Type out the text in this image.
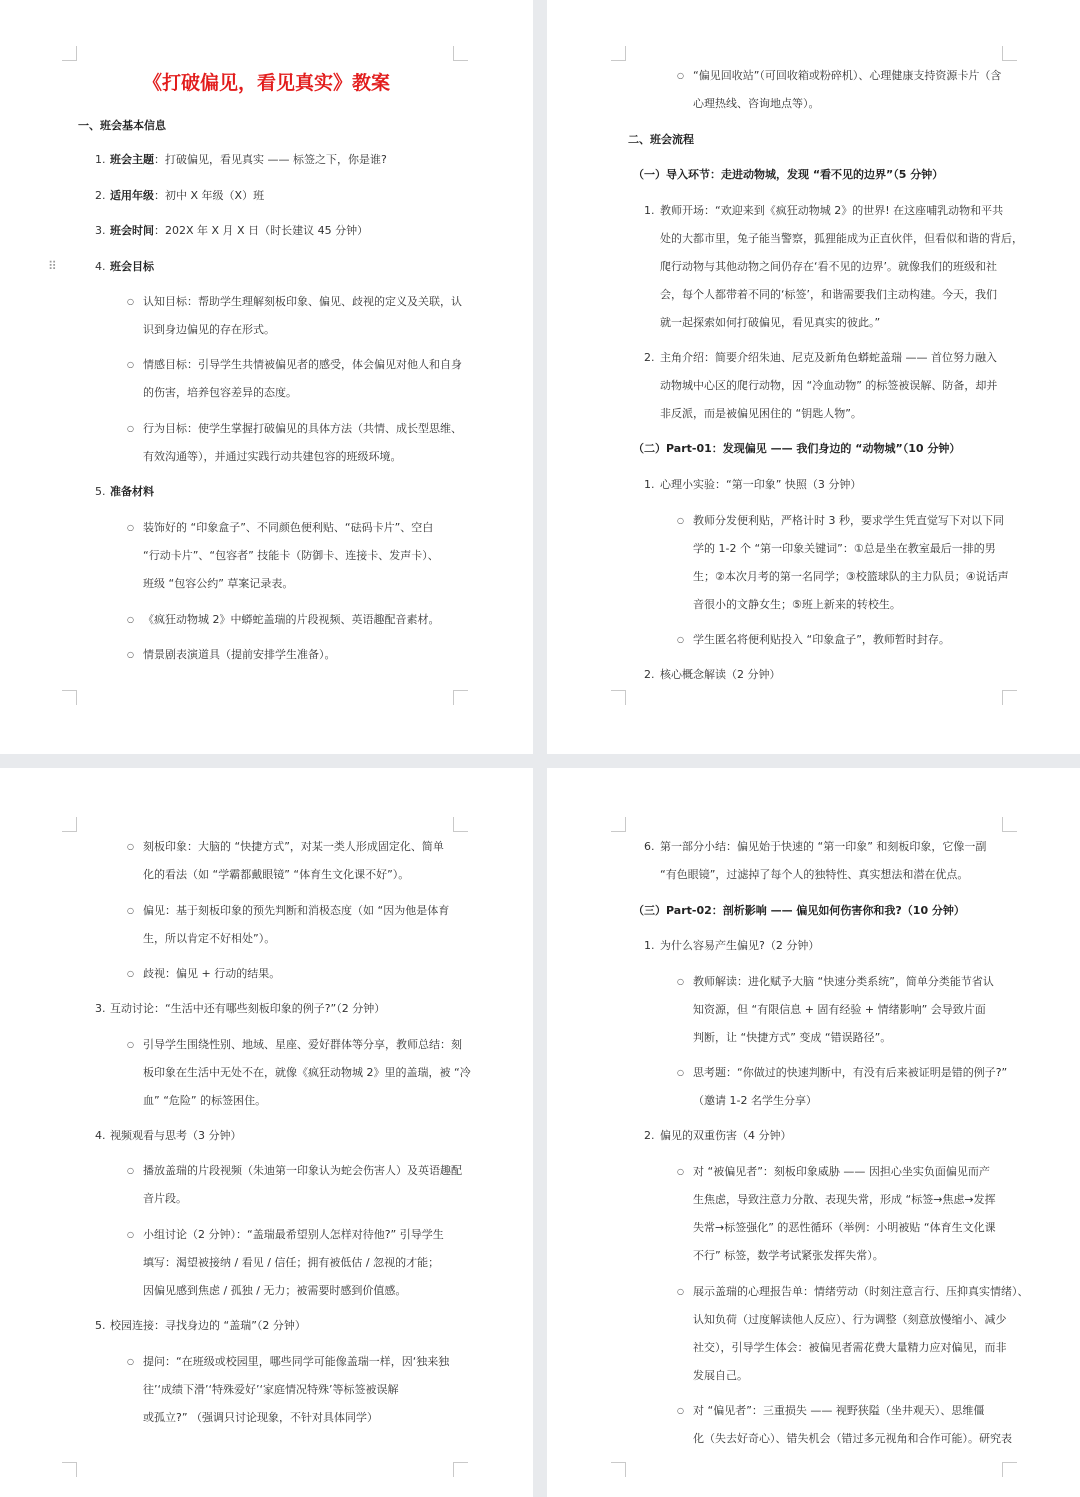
《打破偏见，看见真实》教案
一、班会基本信息
1. 班会主题：打破偏见，看见真实 —— 标签之下，你是谁?
2. 适用年级：初中 X 年级（X）班
3. 班会时间：202X 年 X 月 X 日（时长建议 45 分钟）
⠿	4. 班会目标
○ 认知目标：帮助学生理解刻板印象、偏见、歧视的定义及关联，认
识到身边偏见的存在形式。
○ 情感目标：引导学生共情被偏见者的感受，体会偏见对他人和自身
的伤害，培养包容差异的态度。
○ 行为目标：使学生掌握打破偏见的具体方法（共情、成长型思维、
有效沟通等），并通过实践行动共建包容的班级环境。
5. 准备材料
○ 装饰好的 “印象盒子”、不同颜色便利贴、“砝码卡片”、空白
“行动卡片”、“包容者” 技能卡（防御卡、连接卡、发声卡）、
班级 “包容公约” 草案记录表。
○ 《疯狂动物城 2》中蟒蛇盖瑞的片段视频、英语趣配音素材。
○ 情景剧表演道具（提前安排学生准备）。
○ “偏见回收站”（可回收箱或粉碎机）、心理健康支持资源卡片（含
心理热线、咨询地点等）。
二、班会流程
（一）导入环节：走进动物城，发现 “看不见的边界”（5 分钟）
1. 教师开场：“欢迎来到《疯狂动物城 2》的世界! 在这座哺乳动物和平共
处的大都市里，兔子能当警察，狐狸能成为正直伙伴，但看似和谐的背后，
爬行动物与其他动物之间仍存在‘看不见的边界’。就像我们的班级和社
会，每个人都带着不同的‘标签’，和谐需要我们主动构建。今天，我们
就一起探索如何打破偏见，看见真实的彼此。”
2. 主角介绍：简要介绍朱迪、尼克及新角色蟒蛇盖瑞 —— 首位努力融入
动物城中心区的爬行动物，因 “冷血动物” 的标签被误解、防备，却并
非反派，而是被偏见困住的 “钥匙人物”。
（二）Part-01：发现偏见 —— 我们身边的 “动物城”（10 分钟）
1. 心理小实验：“第一印象” 快照（3 分钟）
○ 教师分发便利贴，严格计时 3 秒，要求学生凭直觉写下对以下同
学的 1-2 个 “第一印象关键词”：①总是坐在教室最后一排的男
生；②本次月考的第一名同学；③校篮球队的主力队员；④说话声
音很小的文静女生；⑤班上新来的转校生。
○ 学生匿名将便利贴投入 “印象盒子”，教师暂时封存。
2. 核心概念解读（2 分钟）
○ 刻板印象：大脑的 “快捷方式”，对某一类人形成固定化、简单
化的看法（如 “学霸都戴眼镜” “体育生文化课不好”）。
○ 偏见：基于刻板印象的预先判断和消极态度（如 “因为他是体育
生，所以肯定不好相处”）。
○ 歧视：偏见 + 行动的结果。
3. 互动讨论：“生活中还有哪些刻板印象的例子?”（2 分钟）
○ 引导学生围绕性别、地域、星座、爱好群体等分享，教师总结：刻
板印象在生活中无处不在，就像《疯狂动物城 2》里的盖瑞，被 “冷
血” “危险” 的标签困住。
4. 视频观看与思考（3 分钟）
○ 播放盖瑞的片段视频（朱迪第一印象认为蛇会伤害人）及英语趣配
音片段。
○ 小组讨论（2 分钟）：“盖瑞最希望别人怎样对待他?” 引导学生
填写：渴望被接纳 / 看见 / 信任；拥有被低估 / 忽视的才能；
因偏见感到焦虑 / 孤独 / 无力；被需要时感到价值感。
5. 校园连接：寻找身边的 “盖瑞”（2 分钟）
○ 提问：“在班级或校园里，哪些同学可能像盖瑞一样，因‘独来独
往’‘成绩下滑’‘特殊爱好’‘家庭情况特殊’等标签被误解
或孤立?” （强调只讨论现象，不针对具体同学）
6. 第一部分小结：偏见始于快速的 “第一印象” 和刻板印象，它像一副
“有色眼镜”，过滤掉了每个人的独特性、真实想法和潜在优点。
（三）Part-02：剖析影响 —— 偏见如何伤害你和我?（10 分钟）
1. 为什么容易产生偏见?（2 分钟）
○ 教师解读：进化赋予大脑 “快速分类系统”，简单分类能节省认
知资源，但 “有限信息 + 固有经验 + 情绪影响” 会导致片面
判断，让 “快捷方式” 变成 “错误路径”。
○ 思考题：“你做过的快速判断中，有没有后来被证明是错的例子?”
（邀请 1-2 名学生分享）
2. 偏见的双重伤害（4 分钟）
○ 对 “被偏见者”：刻板印象威胁 —— 因担心坐实负面偏见而产
生焦虑，导致注意力分散、表现失常，形成 “标签→焦虑→发挥
失常→标签强化” 的恶性循环（举例：小明被贴 “体育生文化课
不行” 标签，数学考试紧张发挥失常）。
○ 展示盖瑞的心理报告单：情绪劳动（时刻注意言行、压抑真实情绪）、
认知负荷（过度解读他人反应）、行为调整（刻意放慢缩小、减少
社交），引导学生体会：被偏见者需花费大量精力应对偏见，而非
发展自己。
○ 对 “偏见者”：三重损失 —— 视野狭隘（坐井观天）、思维僵
化（失去好奇心）、错失机会（错过多元视角和合作可能）。研究表
